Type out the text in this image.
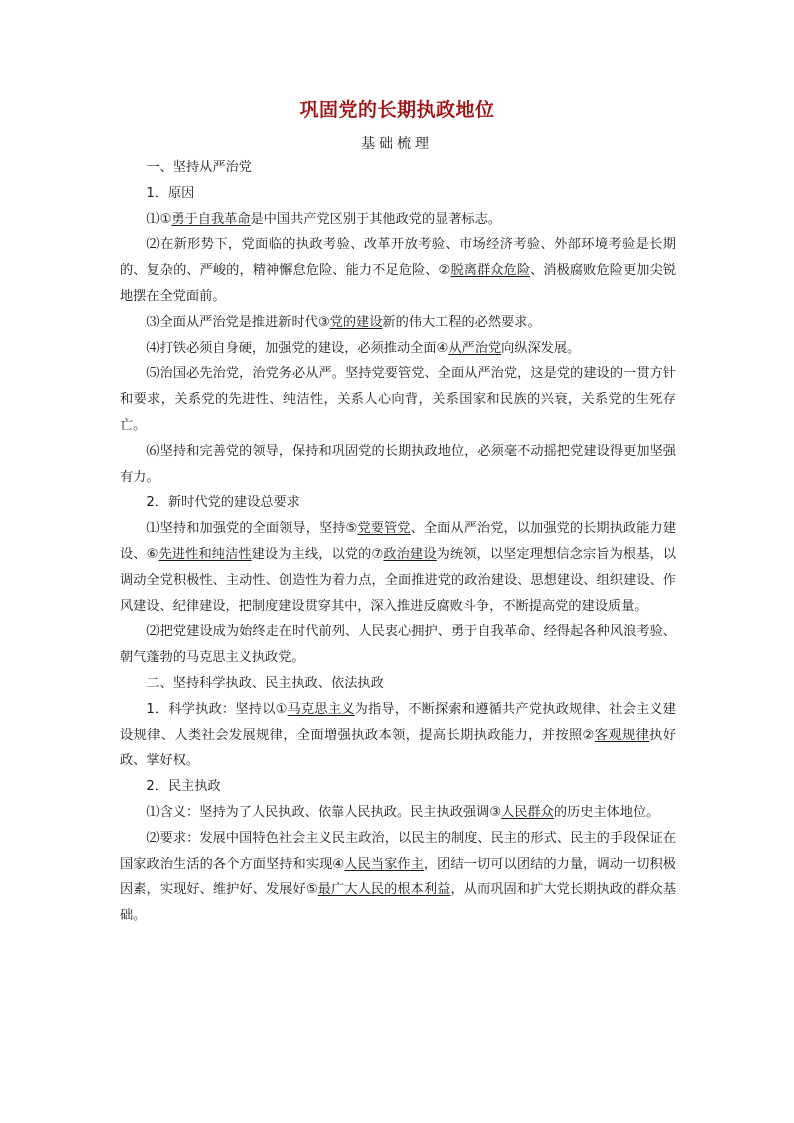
巩固党的长期执政地位
基础梳理

一、坚持从严治党

1．原因

⑴①勇于自我革命是中国共产党区别于其他政党的显著标志。

⑵在新形势下，党面临的执政考验、改革开放考验、市场经济考验、外部环境考验是长期的、复杂的、严峻的，精神懈怠危险、能力不足危险、②脱离群众危险、消极腐败危险更加尖锐地摆在全党面前。

⑶全面从严治党是推进新时代③党的建设新的伟大工程的必然要求。

⑷打铁必须自身硬，加强党的建设，必须推动全面④从严治党向纵深发展。

⑸治国必先治党，治党务必从严。坚持党要管党、全面从严治党，这是党的建设的一贯方针和要求，关系党的先进性、纯洁性，关系人心向背，关系国家和民族的兴衰，关系党的生死存亡。

⑹坚持和完善党的领导，保持和巩固党的长期执政地位，必须毫不动摇把党建设得更加坚强有力。

2．新时代党的建设总要求

⑴坚持和加强党的全面领导，坚持⑤党要管党、全面从严治党，以加强党的长期执政能力建设、⑥先进性和纯洁性建设为主线，以党的⑦政治建设为统领，以坚定理想信念宗旨为根基，以调动全党积极性、主动性、创造性为着力点，全面推进党的政治建设、思想建设、组织建设、作风建设、纪律建设，把制度建设贯穿其中，深入推进反腐败斗争，不断提高党的建设质量。

⑵把党建设成为始终走在时代前列、人民衷心拥护、勇于自我革命、经得起各种风浪考验、朝气蓬勃的马克思主义执政党。

二、坚持科学执政、民主执政、依法执政

1．科学执政：坚持以①马克思主义为指导，不断探索和遵循共产党执政规律、社会主义建设规律、人类社会发展规律，全面增强执政本领，提高长期执政能力，并按照②客观规律执好政、掌好权。

2．民主执政

⑴含义：坚持为了人民执政、依靠人民执政。民主执政强调③人民群众的历史主体地位。

⑵要求：发展中国特色社会主义民主政治，以民主的制度、民主的形式、民主的手段保证在国家政治生活的各个方面坚持和实现④人民当家作主，团结一切可以团结的力量，调动一切积极因素，实现好、维护好、发展好⑤最广大人民的根本利益，从而巩固和扩大党长期执政的群众基础。
